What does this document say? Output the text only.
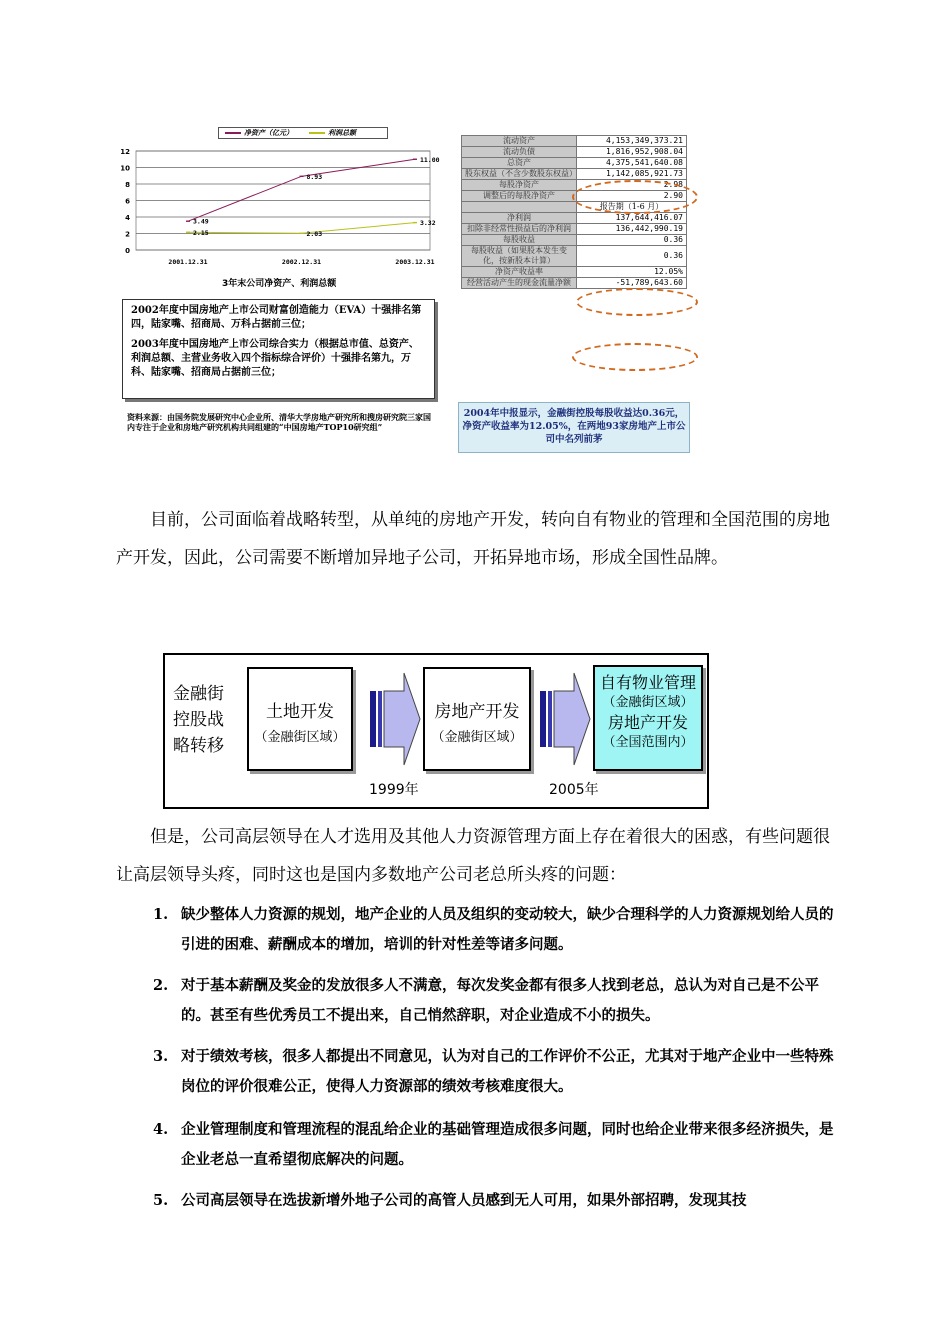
净资产（亿元）	利润总额
0
2
4
6
8
10
12
2001.12.31	2002.12.31	2003.12.31
3.49
8.93
11.00
2.15	2.03
3.32
3年末公司净资产、利润总额

2002年度中国房地产上市公司财富创造能力（EVA）十强排名第四，陆家嘴、招商局、万科占据前三位；

2003年度中国房地产上市公司综合实力（根据总市值、总资产、利润总额、主营业务收入四个指标综合评价）十强排名第九，万科、陆家嘴、招商局占据前三位；

资料来源：由国务院发展研究中心企业所、清华大学房地产研究所和搜房研究院三家国内专注于企业和房地产研究机构共同组建的“中国房地产TOP10研究组”
流动资产	4,153,349,373.21
流动负债	1,816,952,908.04
总资产	4,375,541,640.08
股东权益（不含少数股东权益）	1,142,085,921.73
每股净资产	2.98
调整后的每股净资产	2.90
	报告期（1-6 月）
净利润	137,644,416.07
扣除非经常性损益后的净利润	136,442,990.19
每股收益	0.36
每股收益（如果股本发生变化，按新股本计算）	0.36
净资产收益率	12.05%
经营活动产生的现金流量净额	-51,789,643.60
2004年中报显示，金融街控股每股收益达0.36元，净资产收益率为12.05%，在两地93家房地产上市公司中名列前茅
目前，公司面临着战略转型，从单纯的房地产开发，转向自有物业的管理和全国范围的房地产开发，因此，公司需要不断增加异地子公司，开拓异地市场，形成全国性品牌。
金融街控股战略转移
土地开发
（金融街区域）
房地产开发
（金融街区域）
自有物业管理
（金融街区域）
房地产开发
（全国范围内）
1999年	2005年
但是，公司高层领导在人才选用及其他人力资源管理方面上存在着很大的困惑，有些问题很让高层领导头疼，同时这也是国内多数地产公司老总所头疼的问题：
1. 缺少整体人力资源的规划，地产企业的人员及组织的变动较大，缺少合理科学的人力资源规划给人员的引进的困难、薪酬成本的增加，培训的针对性差等诸多问题。
2. 对于基本薪酬及奖金的发放很多人不满意，每次发奖金都有很多人找到老总，总认为对自己是不公平的。甚至有些优秀员工不提出来，自己悄然辞职，对企业造成不小的损失。
3. 对于绩效考核，很多人都提出不同意见，认为对自己的工作评价不公正，尤其对于地产企业中一些特殊岗位的评价很难公正，使得人力资源部的绩效考核难度很大。
4. 企业管理制度和管理流程的混乱给企业的基础管理造成很多问题，同时也给企业带来很多经济损失，是企业老总一直希望彻底解决的问题。
5. 公司高层领导在选拔新增外地子公司的高管人员感到无人可用，如果外部招聘，发现其技
